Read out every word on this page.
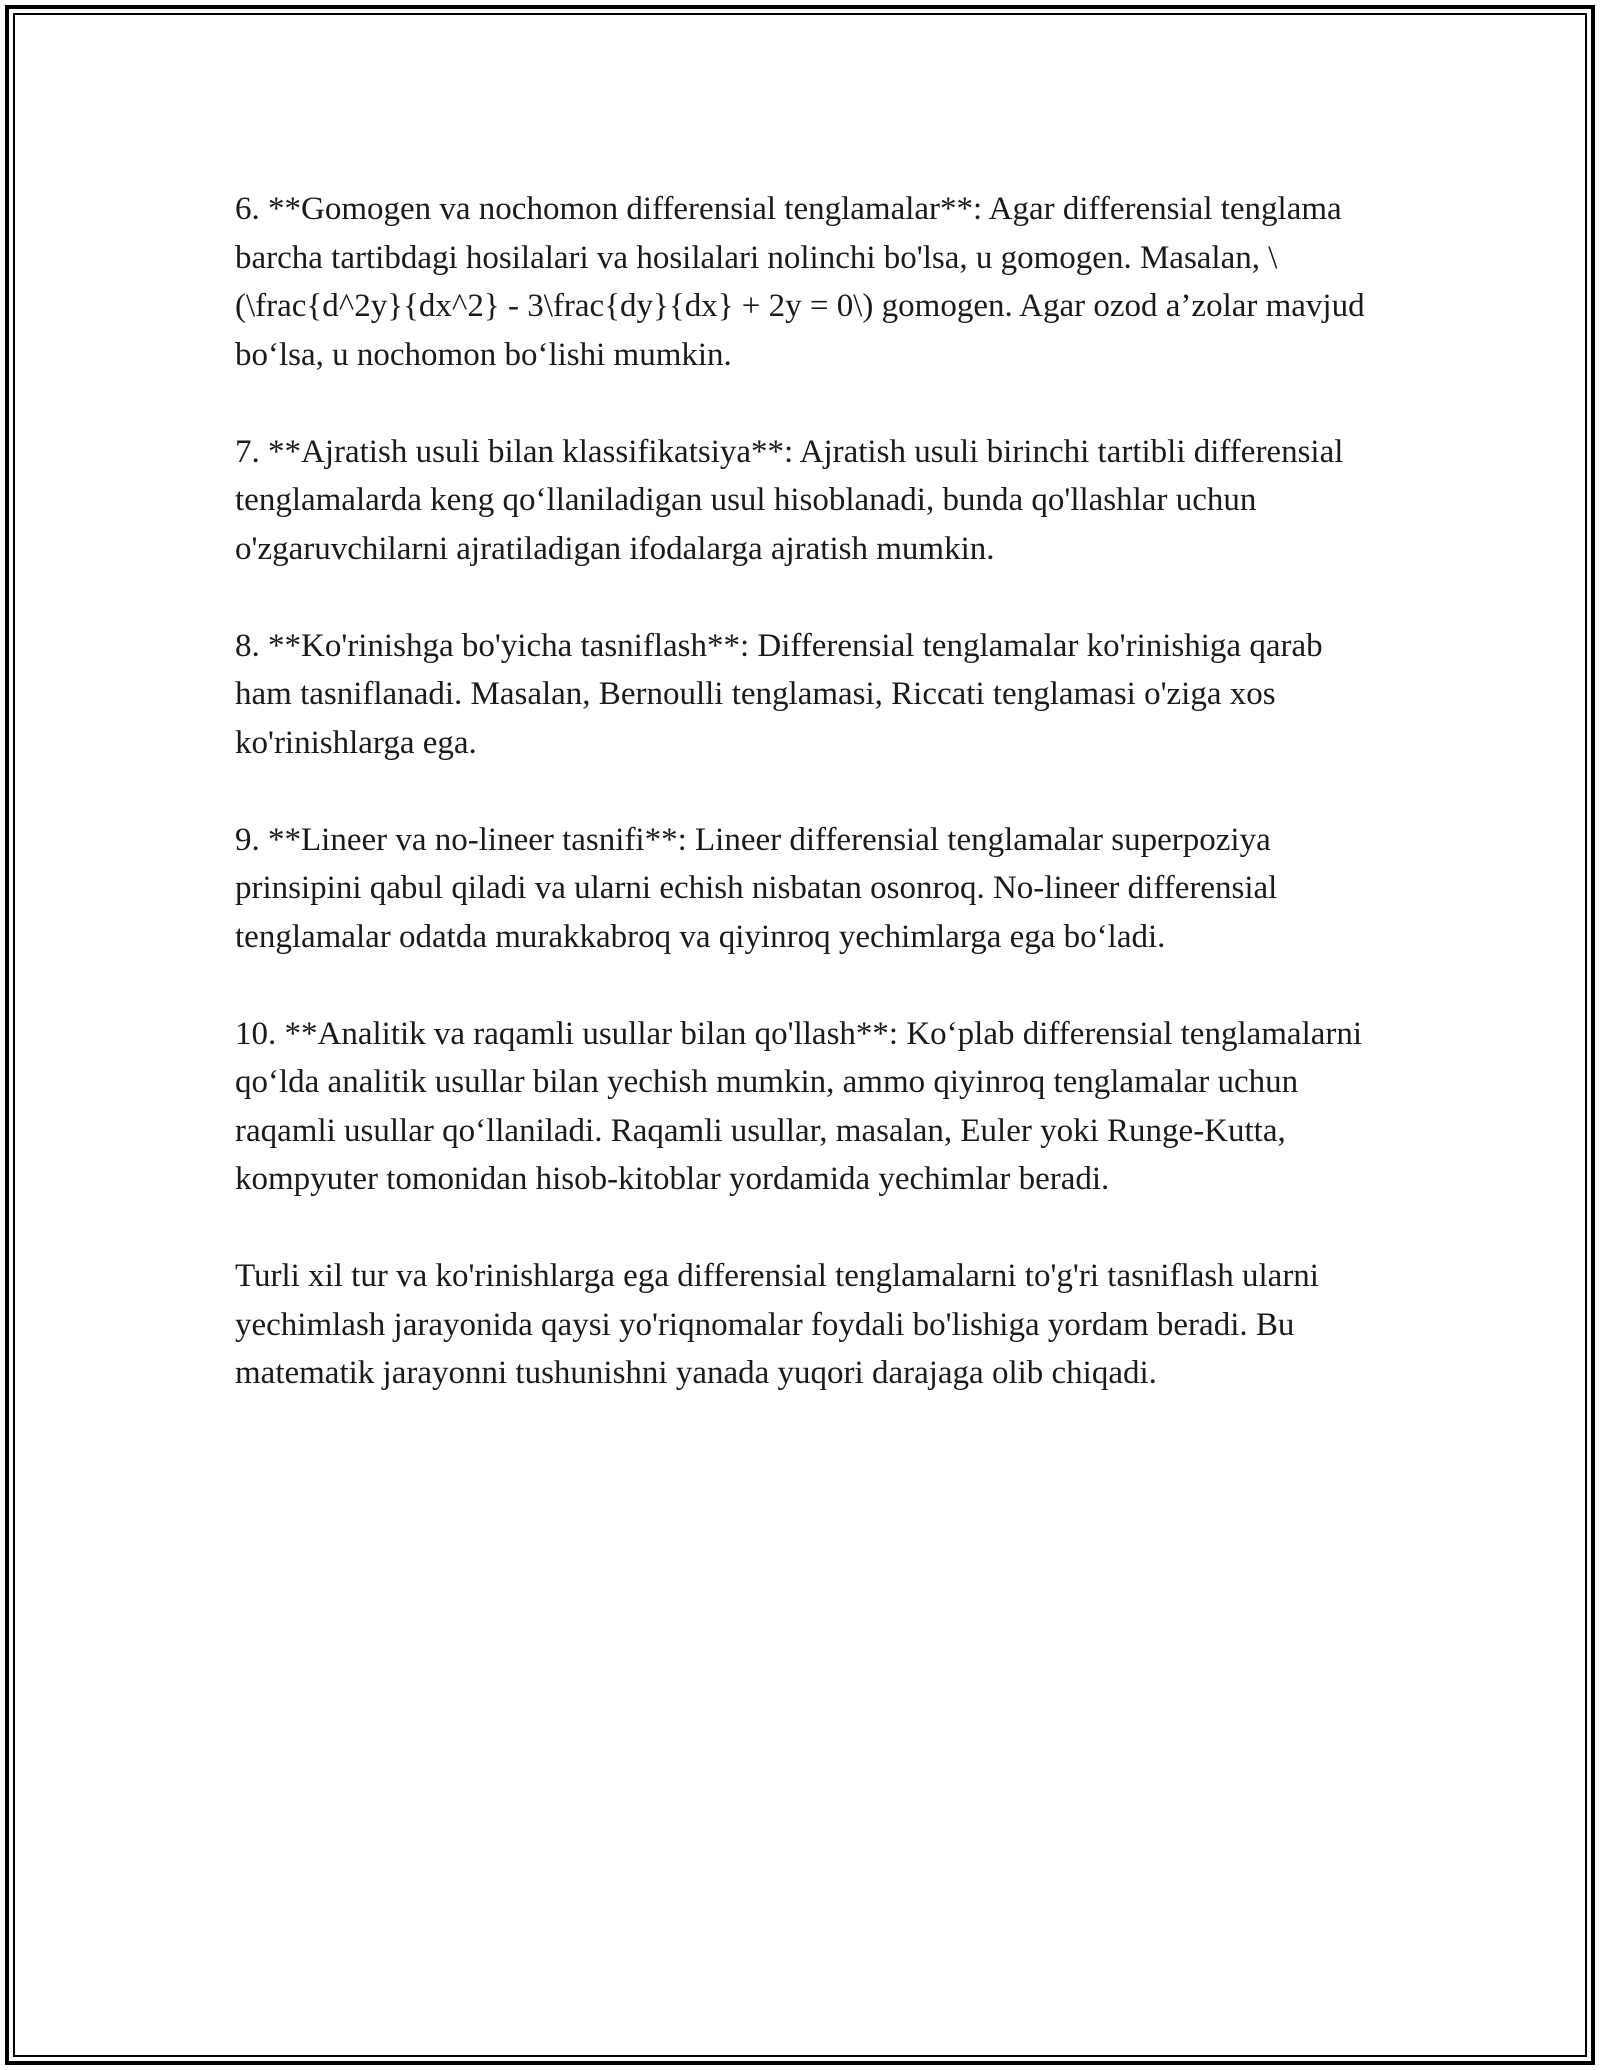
6. **Gomogen va nochomon differensial tenglamalar**: Agar differensial tenglama barcha tartibdagi hosilalari va hosilalari nolinchi bo'lsa, u gomogen. Masalan, \(\frac{d^2y}{dx^2} - 3\frac{dy}{dx} + 2y = 0\) gomogen. Agar ozod a’zolar mavjud bo‘lsa, u nochomon bo‘lishi mumkin.

7. **Ajratish usuli bilan klassifikatsiya**: Ajratish usuli birinchi tartibli differensial tenglamalarda keng qo‘llaniladigan usul hisoblanadi, bunda qo'llashlar uchun o'zgaruvchilarni ajratiladigan ifodalarga ajratish mumkin.

8. **Ko'rinishga bo'yicha tasniflash**: Differensial tenglamalar ko'rinishiga qarab ham tasniflanadi. Masalan, Bernoulli tenglamasi, Riccati tenglamasi o'ziga xos ko'rinishlarga ega.

9. **Lineer va no-lineer tasnifi**: Lineer differensial tenglamalar superpoziya prinsipini qabul qiladi va ularni echish nisbatan osonroq. No-lineer differensial tenglamalar odatda murakkabroq va qiyinroq yechimlarga ega bo‘ladi.

10. **Analitik va raqamli usullar bilan qo'llash**: Ko‘plab differensial tenglamalarni qo‘lda analitik usullar bilan yechish mumkin, ammo qiyinroq tenglamalar uchun raqamli usullar qo‘llaniladi. Raqamli usullar, masalan, Euler yoki Runge-Kutta, kompyuter tomonidan hisob-kitoblar yordamida yechimlar beradi.

Turli xil tur va ko'rinishlarga ega differensial tenglamalarni to'g'ri tasniflash ularni yechimlash jarayonida qaysi yo'riqnomalar foydali bo'lishiga yordam beradi. Bu matematik jarayonni tushunishni yanada yuqori darajaga olib chiqadi.
